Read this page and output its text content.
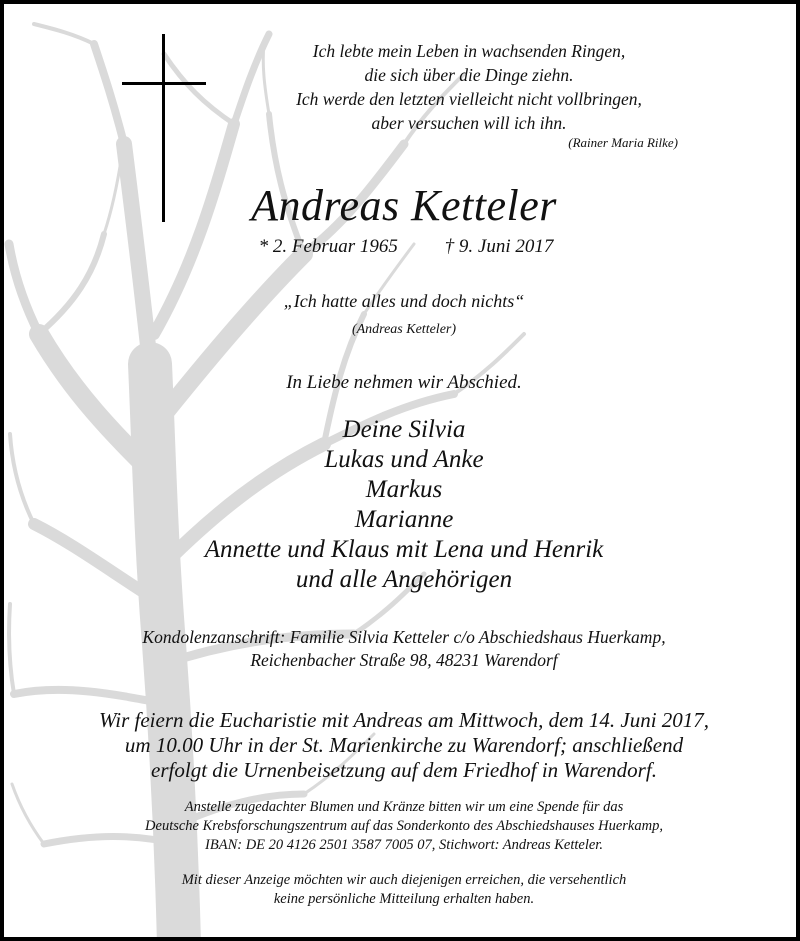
Ich lebte mein Leben in wachsenden Ringen,
die sich über die Dinge ziehn.
Ich werde den letzten vielleicht nicht vollbringen,
aber versuchen will ich ihn.
(Rainer Maria Rilke)
Andreas Ketteler
* 2. Februar 1965 † 9. Juni 2017
„Ich hatte alles und doch nichts“
(Andreas Ketteler)
In Liebe nehmen wir Abschied.
Deine Silvia
Lukas und Anke
Markus
Marianne
Annette und Klaus mit Lena und Henrik
und alle Angehörigen
Kondolenzanschrift: Familie Silvia Ketteler c/o Abschiedshaus Huerkamp,
Reichenbacher Straße 98, 48231 Warendorf
Wir feiern die Eucharistie mit Andreas am Mittwoch, dem 14. Juni 2017,
um 10.00 Uhr in der St. Marienkirche zu Warendorf; anschließend
erfolgt die Urnenbeisetzung auf dem Friedhof in Warendorf.
Anstelle zugedachter Blumen und Kränze bitten wir um eine Spende für das
Deutsche Krebsforschungszentrum auf das Sonderkonto des Abschiedshauses Huerkamp,
IBAN: DE 20 4126 2501 3587 7005 07, Stichwort: Andreas Ketteler.
Mit dieser Anzeige möchten wir auch diejenigen erreichen, die versehentlich
keine persönliche Mitteilung erhalten haben.
